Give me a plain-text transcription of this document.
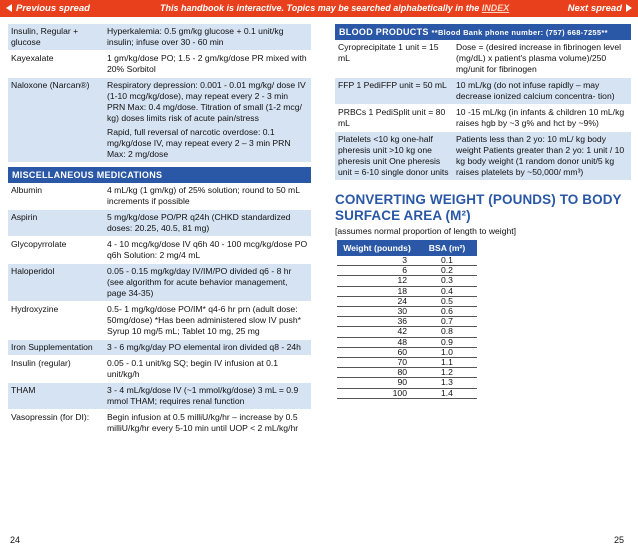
Previous spread	This handbook is interactive. Topics may be searched alphabetically in the INDEX	Next spread
Insulin, Regular + glucose	Hyperkalemia: 0.5 gm/kg glucose + 0.1 unit/kg insulin; infuse over 30 - 60 min
Kayexalate	1 gm/kg/dose PO; 1.5 - 2 gm/kg/dose PR mixed with 20% Sorbitol
Naloxone (Narcan®)	Respiratory depression: 0.001 - 0.01 mg/kg/ dose IV (1-10 mcg/kg/dose), may repeat every 2 - 3 min PRN Max: 0.4 mg/dose. Titration of small (1-2 mcg/ kg) doses limits risk of acute pain/stress
Rapid, full reversal of narcotic overdose: 0.1 mg/kg/dose IV, may repeat every 2 – 3 min PRN Max: 2 mg/dose
MISCELLANEOUS MEDICATIONS
Albumin	4 mL/kg (1 gm/kg) of 25% solution; round to 50 mL increments if possible
Aspirin	5 mg/kg/dose PO/PR q24h (CHKD standardized doses: 20.25, 40.5, 81 mg)
Glycopyrrolate	4 - 10 mcg/kg/dose IV q6h 40 - 100 mcg/kg/dose PO q6h Solution: 2 mg/4 mL
Haloperidol	0.05 - 0.15 mg/kg/day IV/IM/PO divided q6 - 8 hr (see algorithm for acute behavior management, page 34-35)
Hydroxyzine	0.5- 1 mg/kg/dose PO/IM* q4-6 hr prn (adult dose: 50mg/dose) *Has been administered slow IV push* Syrup 10 mg/5 mL; Tablet 10 mg, 25 mg
Iron Supplementation	3 - 6 mg/kg/day PO elemental iron divided q8 - 24h
Insulin (regular)	0.05 - 0.1 unit/kg SQ; begin IV infusion at 0.1 unit/kg/h
THAM	3 - 4 mL/kg/dose IV (~1 mmol/kg/dose) 3 mL = 0.9 mmol THAM; requires renal function
Vasopressin (for DI):	Begin infusion at 0.5 milliU/kg/hr – increase by 0.5 milliU/kg/hr every 5-10 min until UOP < 2 mL/kg/hr
BLOOD PRODUCTS **Blood Bank phone number: (757) 668-7255**
Cyroprecipitate 1 unit = 15 mL	Dose = (desired increase in fibrinogen level (mg/dL) x patient's plasma volume)/250 mg/unit for fibrinogen
FFP 1 PediFFP unit = 50 mL	10 mL/kg (do not infuse rapidly – may decrease ionized calcium concentra- tion)
PRBCs 1 PediSplit unit = 80 mL	10 -15 mL/kg (in infants & children 10 mL/kg raises hgb by ~3 g% and hct by ~9%)
Platelets <10 kg one-half pheresis unit >10 kg one pheresis unit One pheresis unit = 6-10 single donor units	Patients less than 2 yo: 10 mL/ kg body weight Patients greater than 2 yo: 1 unit / 10 kg body weight (1 random donor unit/5 kg raises platelets by ~50,000/ mm³)
CONVERTING WEIGHT (POUNDS) TO BODY SURFACE AREA (M²)
[assumes normal proportion of length to weight]
Weight (pounds)	BSA (m²)
3	0.1
6	0.2
12	0.3
18	0.4
24	0.5
30	0.6
36	0.7
42	0.8
48	0.9
60	1.0
70	1.1
80	1.2
90	1.3
100	1.4
24	25
